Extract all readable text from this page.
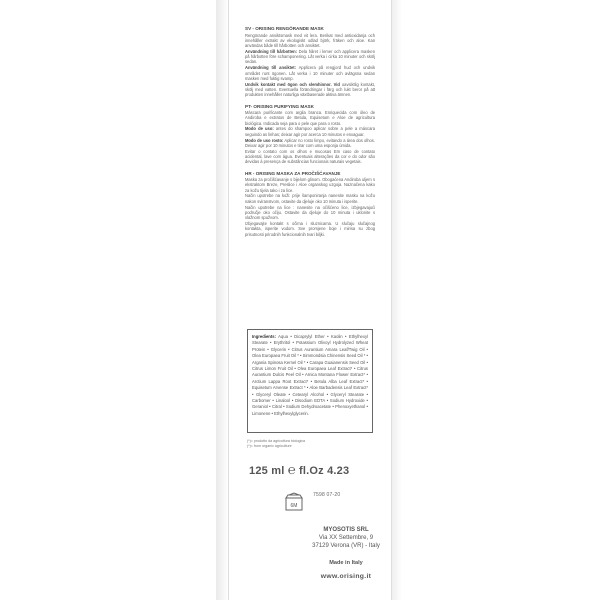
SV - ORISING RENGÖRANDE MASK
Rengörande ansiktsmask med vit lera. Berikat med antioxidanja och innehåller extrakt av ekologiskt odlad björk, fräken och aloe. Kan användas både till hårbotten och ansiktet.
Användning till hårbotten: Dela håret i lemer och applicera masken på hårbotten före schamponering. Låt verka i cirka 10 minuter och skölj sedan.
Användning till ansiktet: Applicera på rengjord hud och undvik området runt ögonen. Låt verka i 10 minuter och avlägsna sedan masken med fuktig svamp.
Undvik kontakt med ögon och slemhinnor. Vid oavsiktlig kontakt, skölj med vatten. Eventuella förändringar i färg och lukt beror på att produkten innehåller naturliga växtbaserade aktiva ämnen.
PT- ORISING PURIFYING MASK
Máscara purificante com argila branca. Enriquecida com óleo de Andiroba e extratos de Betula, Equisetum e Aloe de agricultura biológica. Indicada seja para o pele que para o rosto.
Modo de uso: antes do shampoo aplicar sobre a pele a máscara seguindo as linhas; deixar agir por acerca 10 minutos e enxaguar.
Modo de uso rosto: Aplicar no rosto limpo, evitando a área dos olhos. Deixar agir por 10 minutos e tirar com uma esponja úmida.
Evitar o contato com os olhos e mucosas Em caso de contato acidental, lave com água. Eventuais alterações da cor e do odor são devidas à presença de substâncias funcionais naturais vegetais.
HR - ORISING MASKA ZA PROČIŠĆAVANJE
Maska za pročišćavanje s bijelom glinom. Obogaćena Andiroba uljem s ekstraktom Breze, Preslice i Aloe organskog uzgoja. Naznačena kako za kožu tijela tako i za lice.
Način upotrebe na koži: prije šamponiranja nanesite masku na kožu nakon sviranstvom, ostavite da djeluje oko 10 minuta i isperite.
Način upotrebe na lice : nanesite na očišćeno lice, izbjegavajući područje oko očiju. Ostavite da djeluje do 10 minuta i uklonite s vlažnom spužvom.
Izbjegavajte kontakt s očima i sluznicama. U slučaju slučajnog kontakta, isperite vodom. Sve promjene boje i mirisa su zbog prisutnosti prirodnih funkcionalnih tvari biljki.
Ingredients: Aqua • Dicaprylyl Ether • Kaolin • Ethylhexyl Stearate • Erythritol • Potassium Olivoyl Hydrolyzed Wheat Protein • Glycerin • Citrus Aurantium Amara Leaf/Twig Oil • Olea Europaea Fruit Oil * • Simmondsia Chinensis Seed Oil * • Argania Spinosa Kernel Oil * • Carapa Guaianensis Seed Oil • Citrus Limon Fruit Oil • Olea Europaea Leaf Extract* • Citrus Aurantium Dulcis Peel Oil • Arnica Montana Flower Extract* • Arctium Lappa Root Extract* • Betula Alba Leaf Extract* • Equisetum Arvense Extract * • Aloe Barbadensis Leaf Extract* • Glyceryl Oleate • Cetearyl Alcohol • Glyceryl Stearate • Carbomer • Linalool • Disodium EDTA • Sodium Hydroxide • Geraniol • Citral • Sodium Dehydroacetate • Phenoxyethanol • Limonene • Ethylhexylglycerin.
(*)= prodotto da agricoltura biologica
(*)= from organic agriculture
125 ml ℮ fl.Oz 4.23
6M
7598 07-20
MYOSOTIS SRL
Via XX Settembre, 9
37129 Verona (VR) - Italy
Made in Italy
www.orising.it
